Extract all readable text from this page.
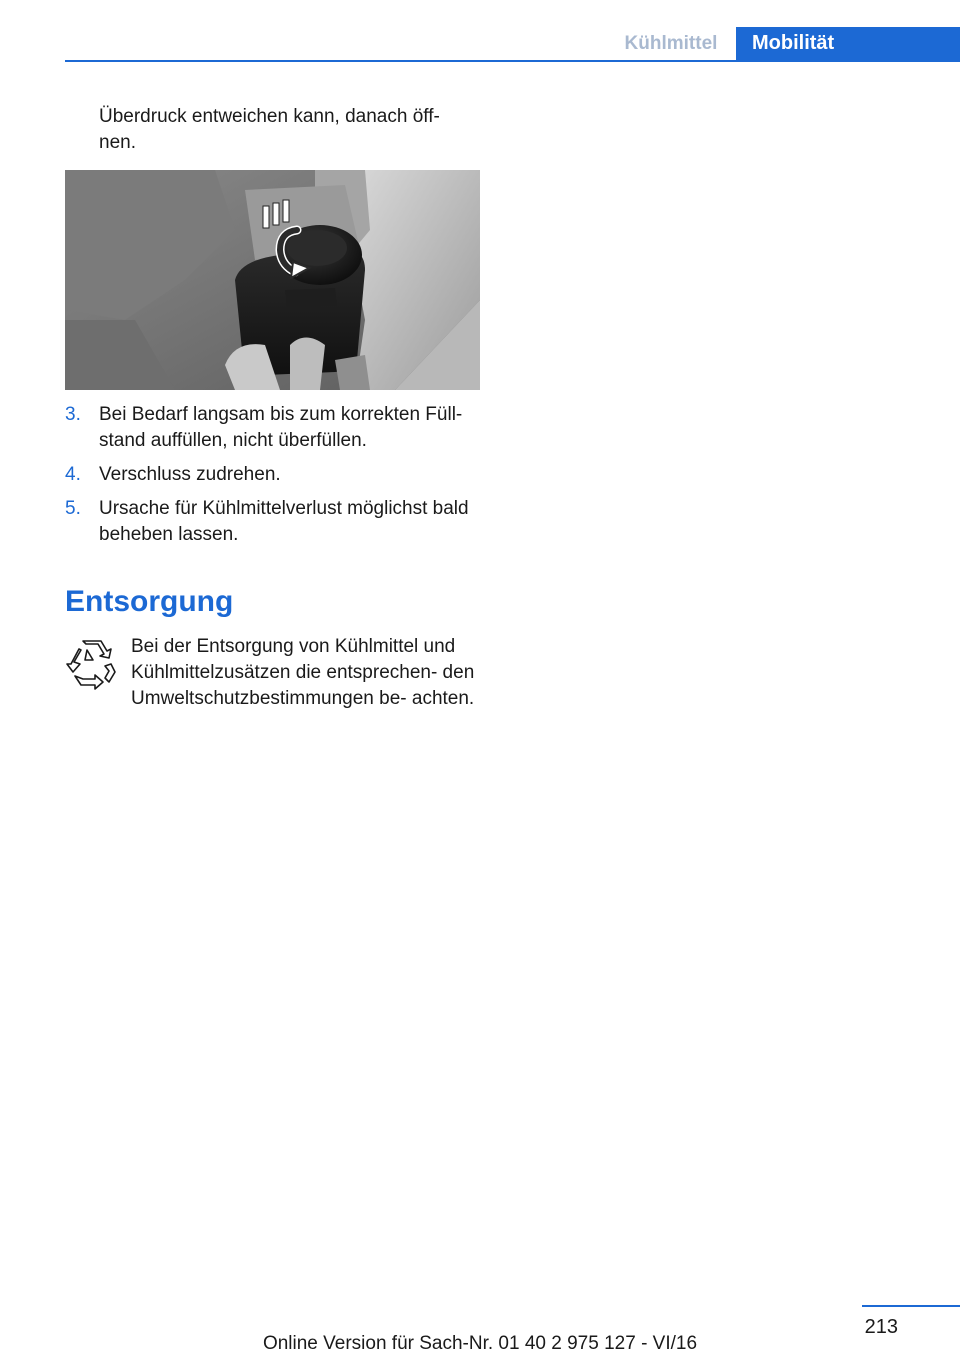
Kühlmittel	Mobilität
Überdruck entweichen kann, danach öff‐ nen.
3. Bei Bedarf langsam bis zum korrekten Füll‐ stand auffüllen, nicht überfüllen.
4. Verschluss zudrehen.
5. Ursache für Kühlmittelverlust möglichst bald beheben lassen.
Entsorgung
Bei der Entsorgung von Kühlmittel und Kühlmittelzusätzen die entsprechen‐ den Umweltschutzbestimmungen be‐ achten.
213
Online Version für Sach-Nr. 01 40 2 975 127 - VI/16
